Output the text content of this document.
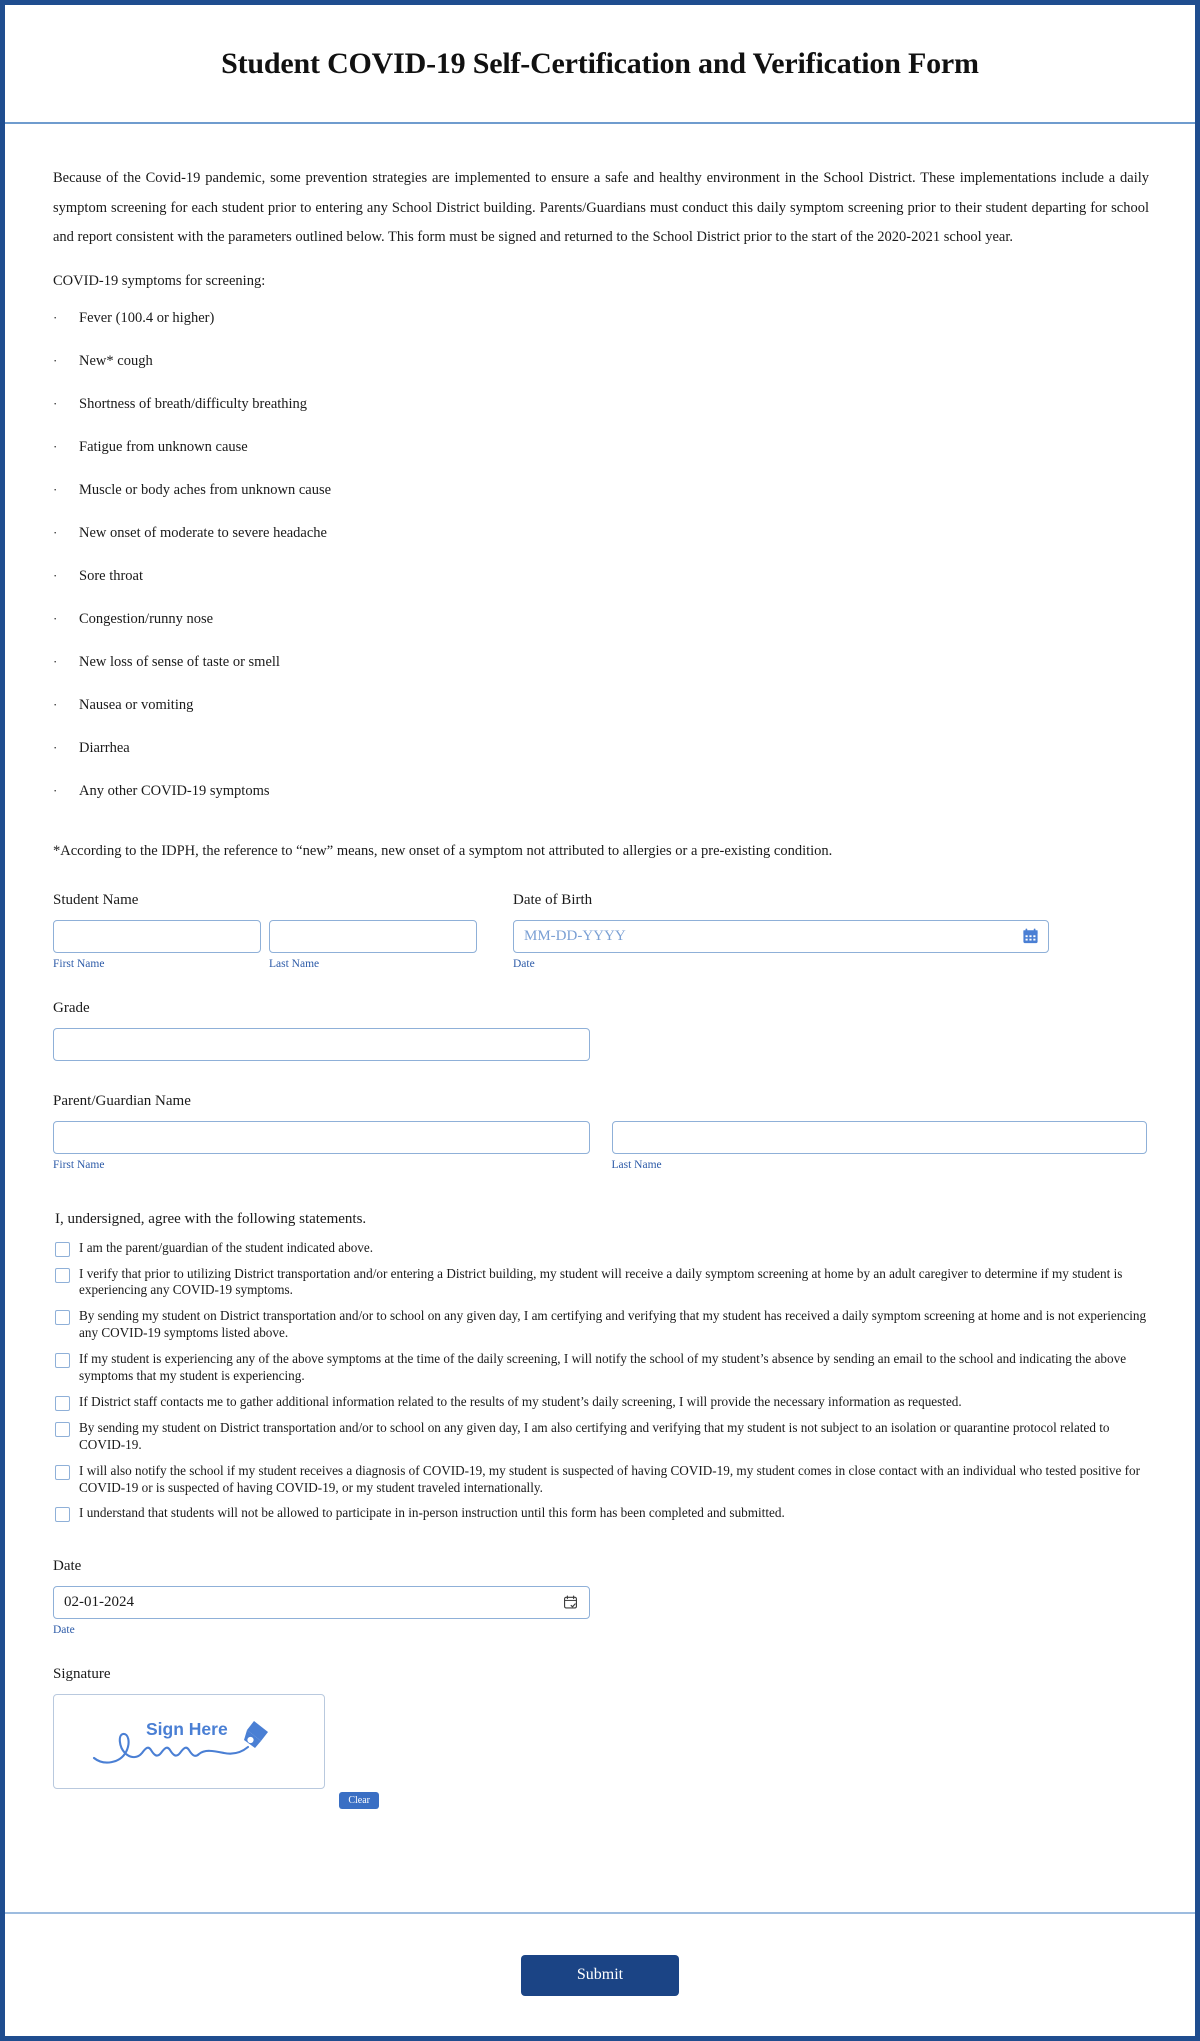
Student COVID-19 Self-Certification and Verification Form

Because of the Covid-19 pandemic, some prevention strategies are implemented to ensure a safe and healthy environment in the School District. These implementations include a daily symptom screening for each student prior to entering any School District building. Parents/Guardians must conduct this daily symptom screening prior to their student departing for school and report consistent with the parameters outlined below. This form must be signed and returned to the School District prior to the start of the 2020-2021 school year.

COVID-19 symptoms for screening:

·	Fever (100.4 or higher)
·	New* cough
·	Shortness of breath/difficulty breathing
·	Fatigue from unknown cause
·	Muscle or body aches from unknown cause
·	New onset of moderate to severe headache
·	Sore throat
·	Congestion/runny nose
·	New loss of sense of taste or smell
·	Nausea or vomiting
·	Diarrhea
·	Any other COVID-19 symptoms

*According to the IDPH, the reference to “new” means, new onset of a symptom not attributed to allergies or a pre-existing condition.

Student Name
First Name	Last Name
Date of Birth
MM-DD-YYYY
Date
Grade
Parent/Guardian Name
First Name	Last Name
I, undersigned, agree with the following statements.
I am the parent/guardian of the student indicated above.
I verify that prior to utilizing District transportation and/or entering a District building, my student will receive a daily symptom screening at home by an adult caregiver to determine if my student is experiencing any COVID-19 symptoms.
By sending my student on District transportation and/or to school on any given day, I am certifying and verifying that my student has received a daily symptom screening at home and is not experiencing any COVID-19 symptoms listed above.
If my student is experiencing any of the above symptoms at the time of the daily screening, I will notify the school of my student’s absence by sending an email to the school and indicating the above symptoms that my student is experiencing.
If District staff contacts me to gather additional information related to the results of my student’s daily screening, I will provide the necessary information as requested.
By sending my student on District transportation and/or to school on any given day, I am also certifying and verifying that my student is not subject to an isolation or quarantine protocol related to COVID-19.
I will also notify the school if my student receives a diagnosis of COVID-19, my student is suspected of having COVID-19, my student comes in close contact with an individual who tested positive for COVID-19 or is suspected of having COVID-19, or my student traveled internationally.
I understand that students will not be allowed to participate in in-person instruction until this form has been completed and submitted.
Date
02-01-2024
Date
Signature
Sign Here
Clear
Submit
